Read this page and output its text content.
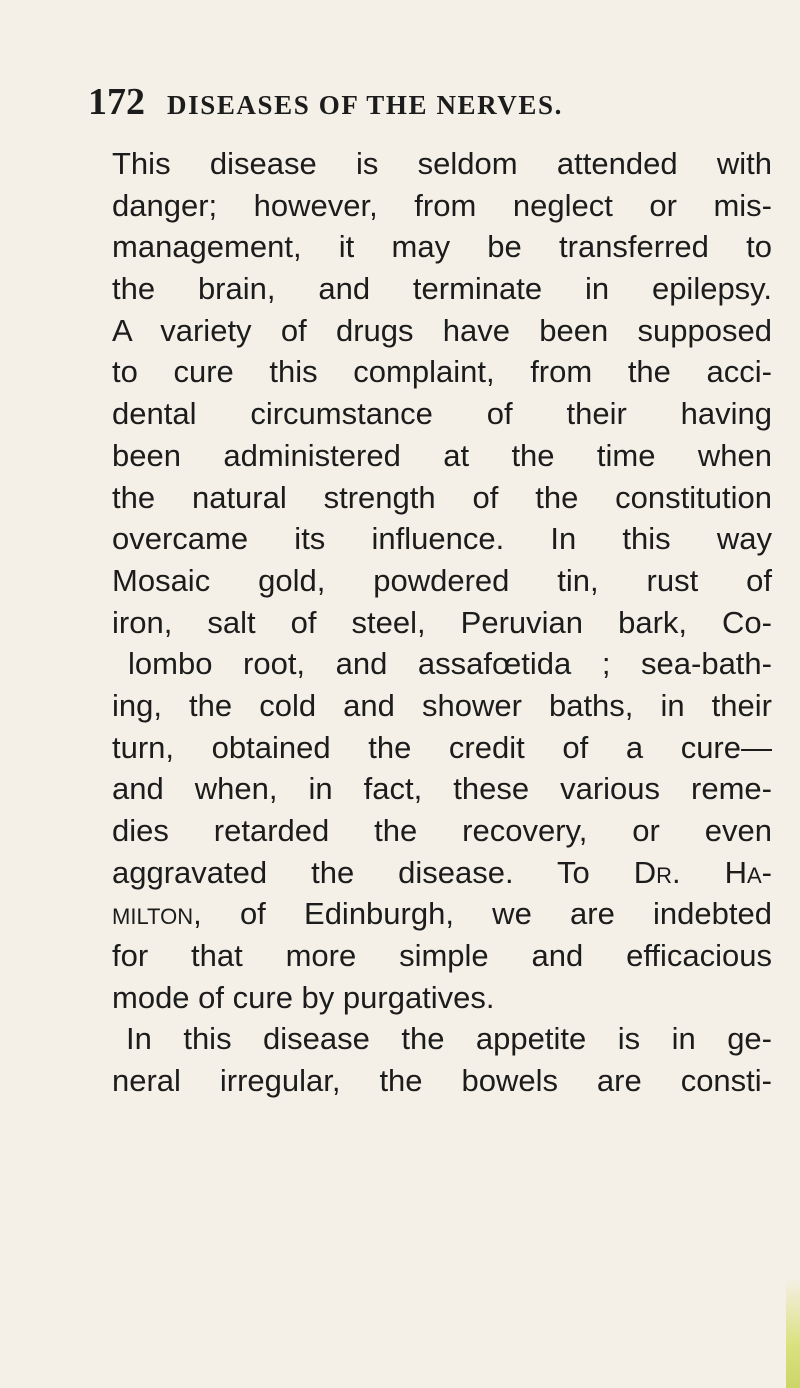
172 DISEASES OF THE NERVES.
This disease is seldom attended with
danger; however, from neglect or mis-
management, it may be transferred to
the brain, and terminate in epilepsy.
A variety of drugs have been supposed
to cure this complaint, from the acci-
dental circumstance of their having
been administered at the time when
the natural strength of the constitution
overcame its influence. In this way
Mosaic gold, powdered tin, rust of
iron, salt of steel, Peruvian bark, Co-
lombo root, and assafœtida ; sea-bath-
ing, the cold and shower baths, in their
turn, obtained the credit of a cure—
and when, in fact, these various reme-
dies retarded the recovery, or even
aggravated the disease. To Dr. Ha-
milton, of Edinburgh, we are indebted
for that more simple and efficacious
mode of cure by purgatives.
In this disease the appetite is in ge-
neral irregular, the bowels are consti-
